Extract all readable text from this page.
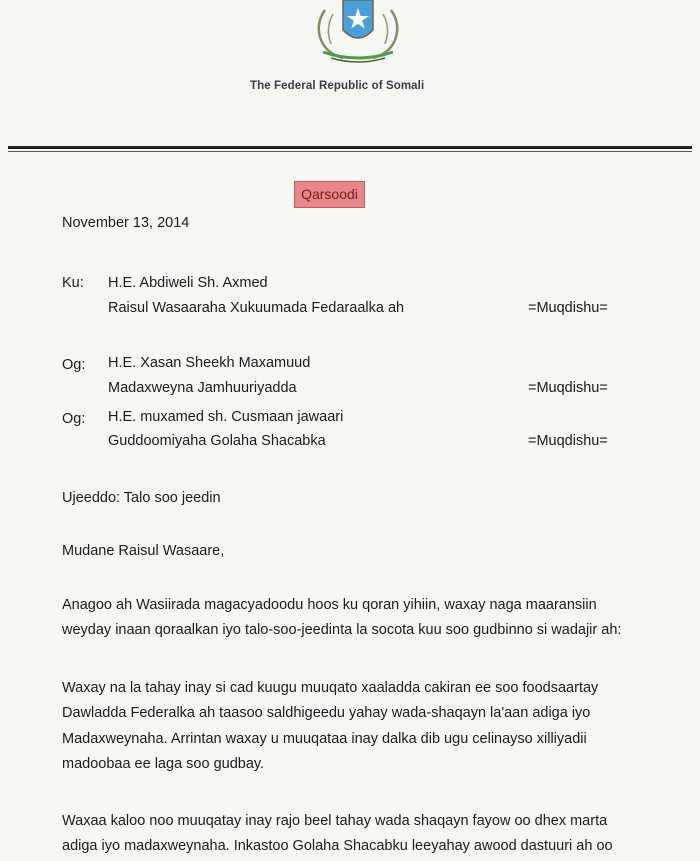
The Federal Republic of Somali
Qarsoodi
November 13, 2014
Ku: H.E. Abdiweli Sh. Axmed
Raisul Wasaaraha Xukuumada Fedaraalka ah	=Muqdishu=
Og: H.E. Xasan Sheekh Maxamuud
Madaxweyna Jamhuuriyadda	=Muqdishu=
Og: H.E. muxamed sh. Cusmaan jawaari
Guddoomiyaha Golaha Shacabka	=Muqdishu=
Ujeeddo: Talo soo jeedin
Mudane Raisul Wasaare,
Anagoo ah Wasiirada magacyadoodu hoos ku qoran yihiin, waxay naga maaransiin
weyday inaan qoraalkan iyo talo-soo-jeedinta la socota kuu soo gudbinno si wadajir ah:
Waxay na la tahay inay si cad kuugu muuqato xaaladda cakiran ee soo foodsaartay
Dawladda Federalka ah taasoo saldhigeedu yahay wada-shaqayn la'aan adiga iyo
Madaxweynaha. Arrintan waxay u muuqataa inay dalka dib ugu celinayso xilliyadii
madoobaa ee laga soo gudbay.
Waxaa kaloo noo muuqatay inay rajo beel tahay wada shaqayn fayow oo dhex marta
adiga iyo madaxweynaha. Inkastoo Golaha Shacabku leeyahay awood dastuuri ah oo
